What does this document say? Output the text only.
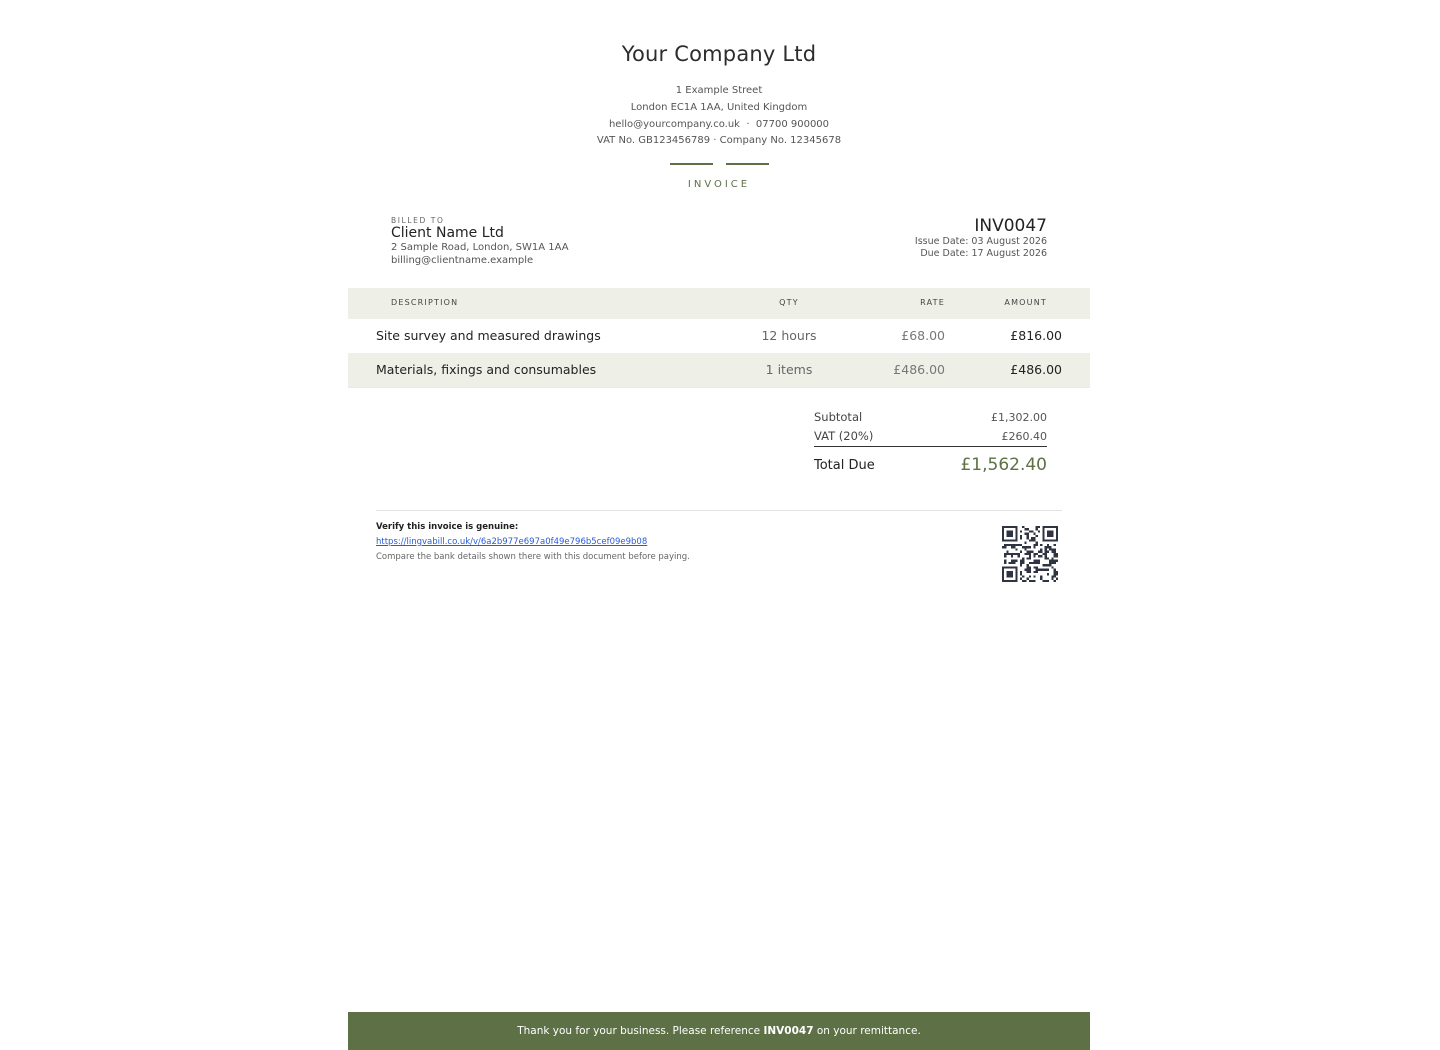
Your Company Ltd
1 Example Street
London EC1A 1AA, United Kingdom
hello@yourcompany.co.uk  ·  07700 900000
VAT No. GB123456789 · Company No. 12345678
INVOICE
BILLED TO
Client Name Ltd
2 Sample Road, London, SW1A 1AA
billing@clientname.example
INV0047
Issue Date: 03 August 2026
Due Date: 17 August 2026
DESCRIPTION	QTY	RATE	AMOUNT
Site survey and measured drawings	12 hours	£68.00	£816.00
Materials, fixings and consumables	1 items	£486.00	£486.00
Subtotal	£1,302.00
VAT (20%)	£260.40
Total Due	£1,562.40
Verify this invoice is genuine:
https://lingvabill.co.uk/v/6a2b977e697a0f49e796b5cef09e9b08
Compare the bank details shown there with this document before paying.
Thank you for your business. Please reference INV0047 on your remittance.
